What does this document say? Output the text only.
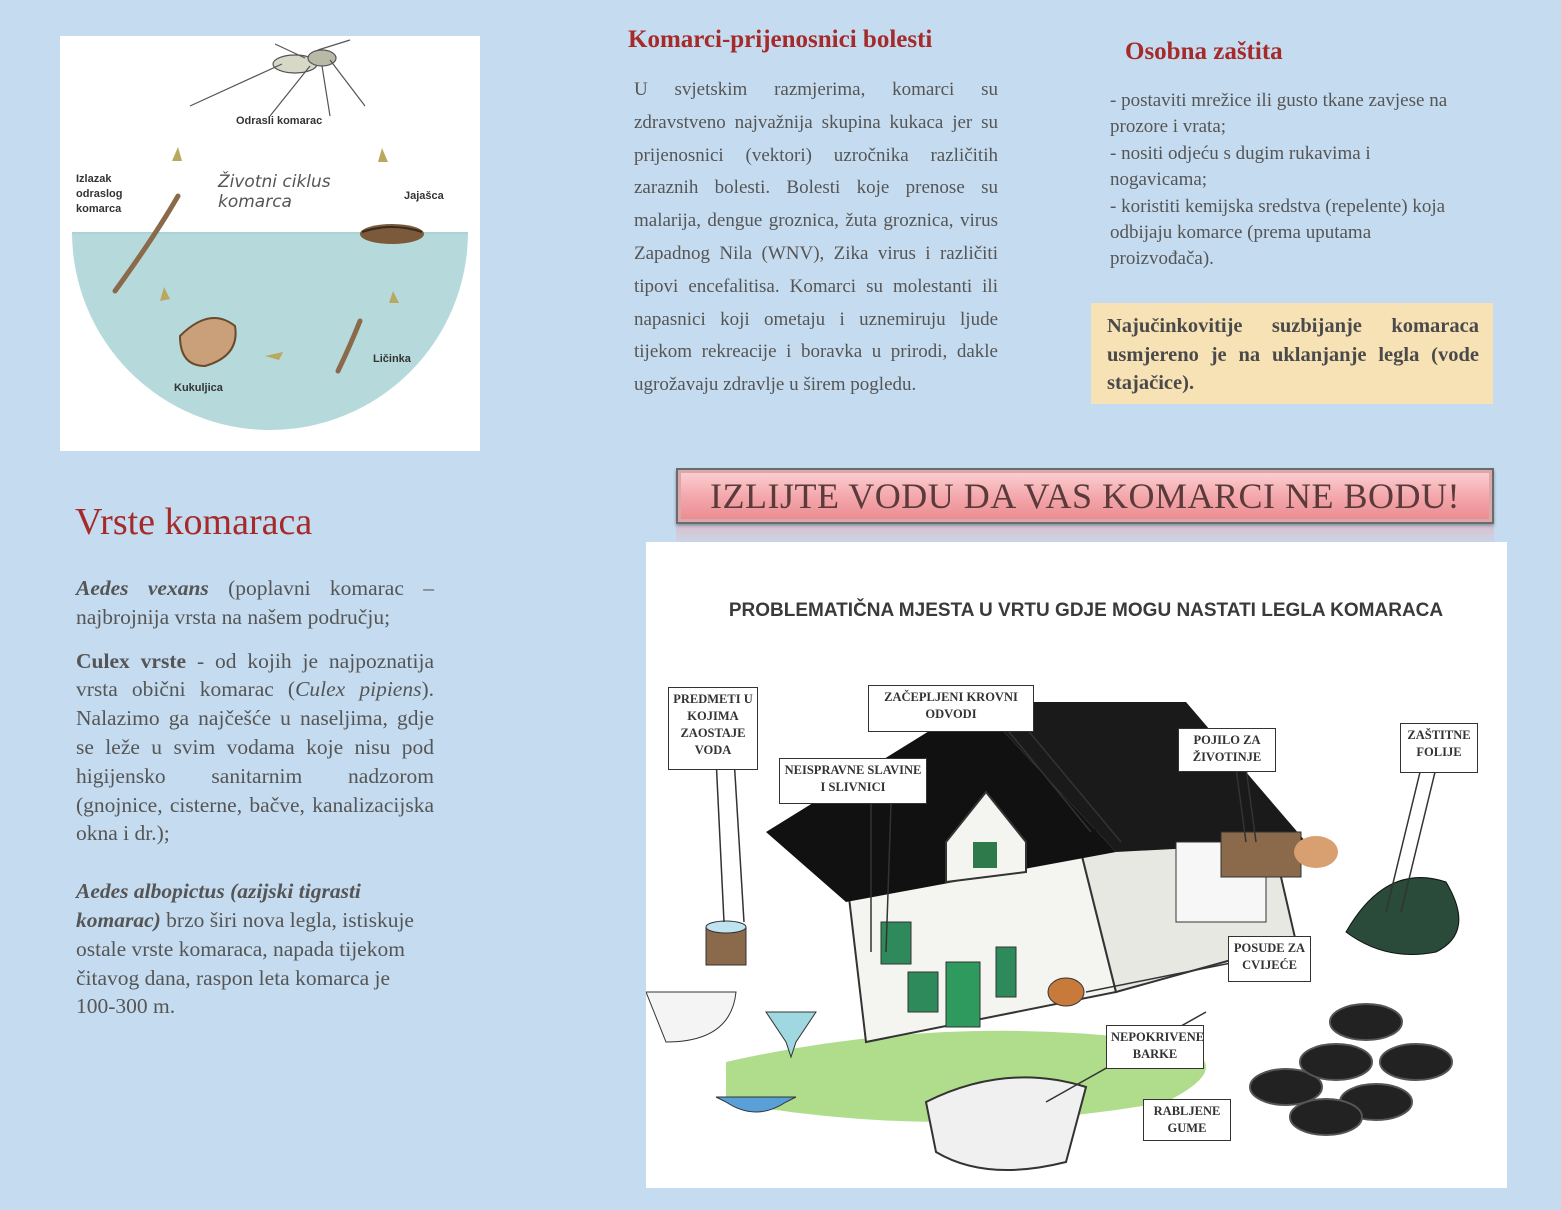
Odrasli komarac
Jajašca
Ličinka
Kukuljica
Izlazak
odraslog
komarca
Životni ciklus
komarca
Komarci-prijenosnici bolesti
U svjetskim razmjerima, komarci su zdravstveno najvažnija skupina kukaca jer su prijenosnici (vektori) uzročnika različitih zaraznih bolesti. Bolesti koje prenose su malarija, dengue groznica, žuta groznica, virus Zapadnog Nila (WNV), Zika virus i različiti tipovi encefalitisa. Komarci su molestanti ili napasnici koji ometaju i uznemiruju ljude tijekom rekreacije i boravka u prirodi, dakle ugrožavaju zdravlje u širem pogledu.
Osobna zaštita
- postaviti mrežice ili gusto tkane zavjese na prozore i vrata;
- nositi odjeću s dugim rukavima i nogavicama;
- koristiti kemijska sredstva (repelente) koja odbijaju komarce (prema uputama proizvođača).
Najučinkovitije suzbijanje komaraca usmjereno je na uklanjanje legla (vode stajačice).
Vrste komaraca

Aedes vexans (poplavni komarac – najbrojnija vrsta na našem području;

Culex vrste - od kojih je najpoznatija vrsta obični komarac (Culex pipiens). Nalazimo ga najčešće u naseljima, gdje se leže u svim vodama koje nisu pod higijensko sanitarnim nadzorom (gnojnice, cisterne, bačve, kanalizacijska okna i dr.);

Aedes albopictus (azijski tigrasti komarac) brzo širi nova legla, istiskuje ostale vrste komaraca, napada tijekom čitavog dana, raspon leta komarca je 100-300 m.

IZLIJTE VODU DA VAS KOMARCI NE BODU!
PROBLEMATIČNA MJESTA U VRTU GDJE MOGU NASTATI LEGLA KOMARACA
PREDMETI U KOJIMA ZAOSTAJE VODA
ZAČEPLJENI KROVNI ODVODI
NEISPRAVNE SLAVINE I SLIVNICI
POJILO ZA ŽIVOTINJE
ZAŠTITNE FOLIJE
POSUDE ZA CVIJEĆE
NEPOKRIVENE BARKE
RABLJENE GUME
